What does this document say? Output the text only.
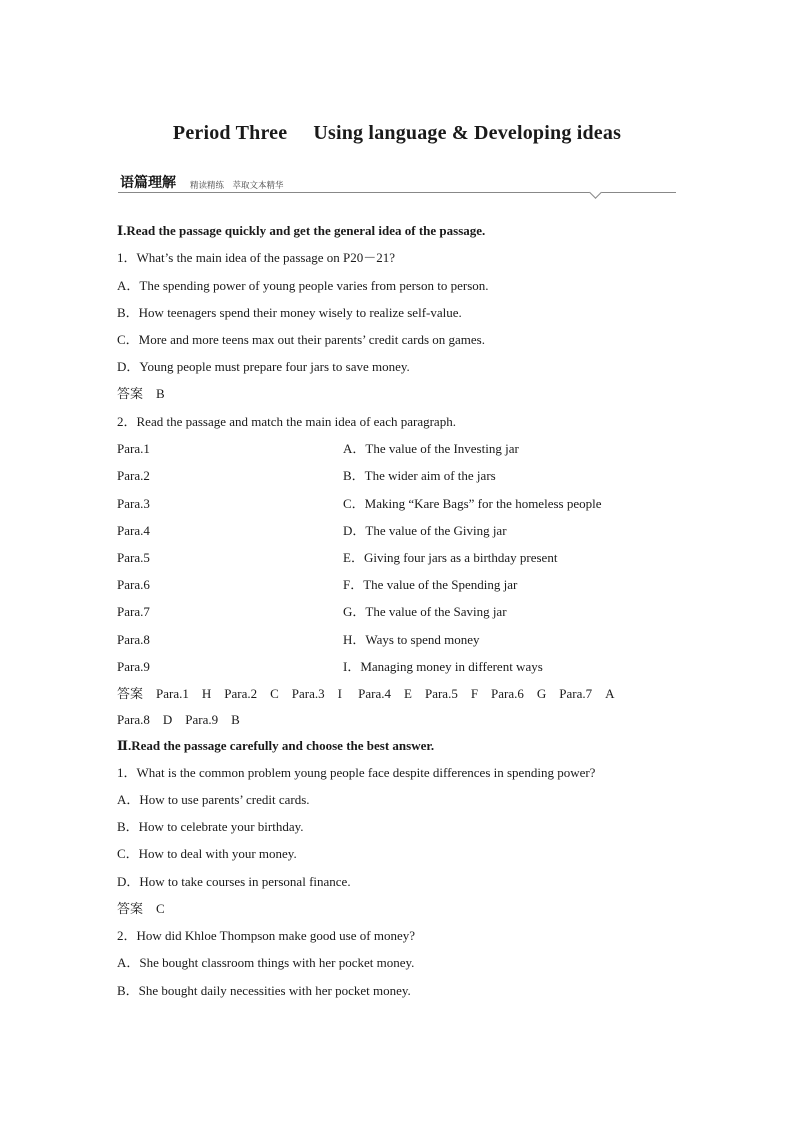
Period Three Using language & Developing ideas
语篇理解 精读精练　萃取文本精华
Ⅰ.Read the passage quickly and get the general idea of the passage.
1．What’s the main idea of the passage on P20－21?
A．The spending power of young people varies from person to person.
B．How teenagers spend their money wisely to realize self-value.
C．More and more teens max out their parents’ credit cards on games.
D．Young people must prepare four jars to save money.
答案　B
2．Read the passage and match the main idea of each paragraph.
Para.1	A．The value of the Investing jar
Para.2	B．The wider aim of the jars
Para.3	C．Making “Kare Bags” for the homeless people
Para.4	D．The value of the Giving jar
Para.5	E．Giving four jars as a birthday present
Para.6	F．The value of the Spending jar
Para.7	G．The value of the Saving jar
Para.8	H．Ways to spend money
Para.9	I．Managing money in different ways
答案　Para.1　H　Para.2　C　Para.3　I　 Para.4　E　Para.5　F　Para.6　G　Para.7　A
Para.8　D　Para.9　B
Ⅱ.Read the passage carefully and choose the best answer.
1．What is the common problem young people face despite differences in spending power?
A．How to use parents’ credit cards.
B．How to celebrate your birthday.
C．How to deal with your money.
D．How to take courses in personal finance.
答案　C
2．How did Khloe Thompson make good use of money?
A．She bought classroom things with her pocket money.
B．She bought daily necessities with her pocket money.
